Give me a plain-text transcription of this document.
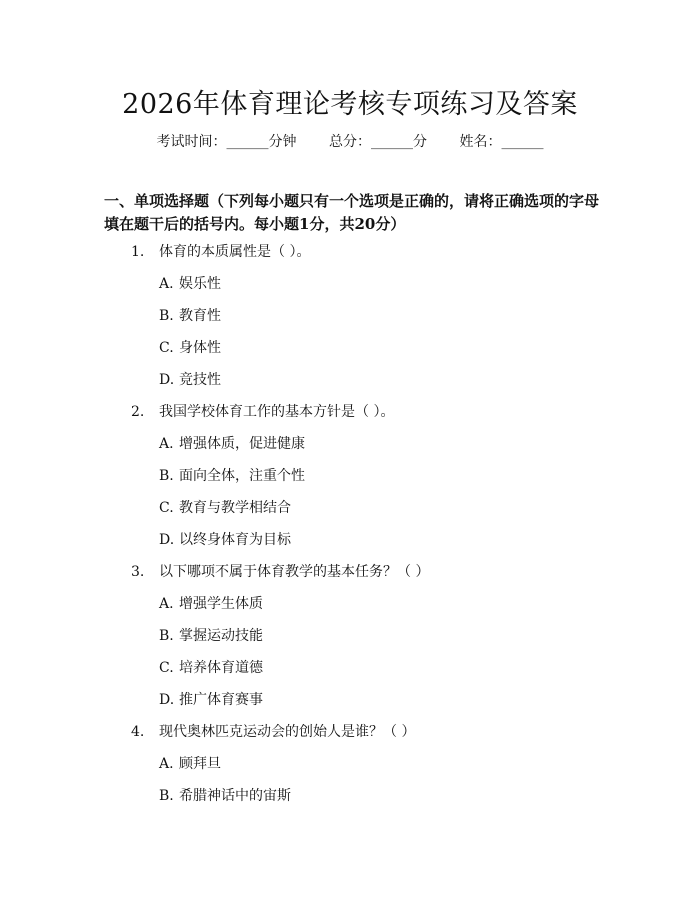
2026年体育理论考核专项练习及答案
考试时间：______分钟 总分：______分 姓名：______
一、单项选择题（下列每小题只有一个选项是正确的，请将正确选项的字母填在题干后的括号内。每小题1分，共20分）
1. 体育的本质属性是（ ）。
A. 娱乐性
B. 教育性
C. 身体性
D. 竞技性
2. 我国学校体育工作的基本方针是（ ）。
A. 增强体质，促进健康
B. 面向全体，注重个性
C. 教育与教学相结合
D. 以终身体育为目标
3. 以下哪项不属于体育教学的基本任务？（ ）
A. 增强学生体质
B. 掌握运动技能
C. 培养体育道德
D. 推广体育赛事
4. 现代奥林匹克运动会的创始人是谁？（ ）
A. 顾拜旦
B. 希腊神话中的宙斯
